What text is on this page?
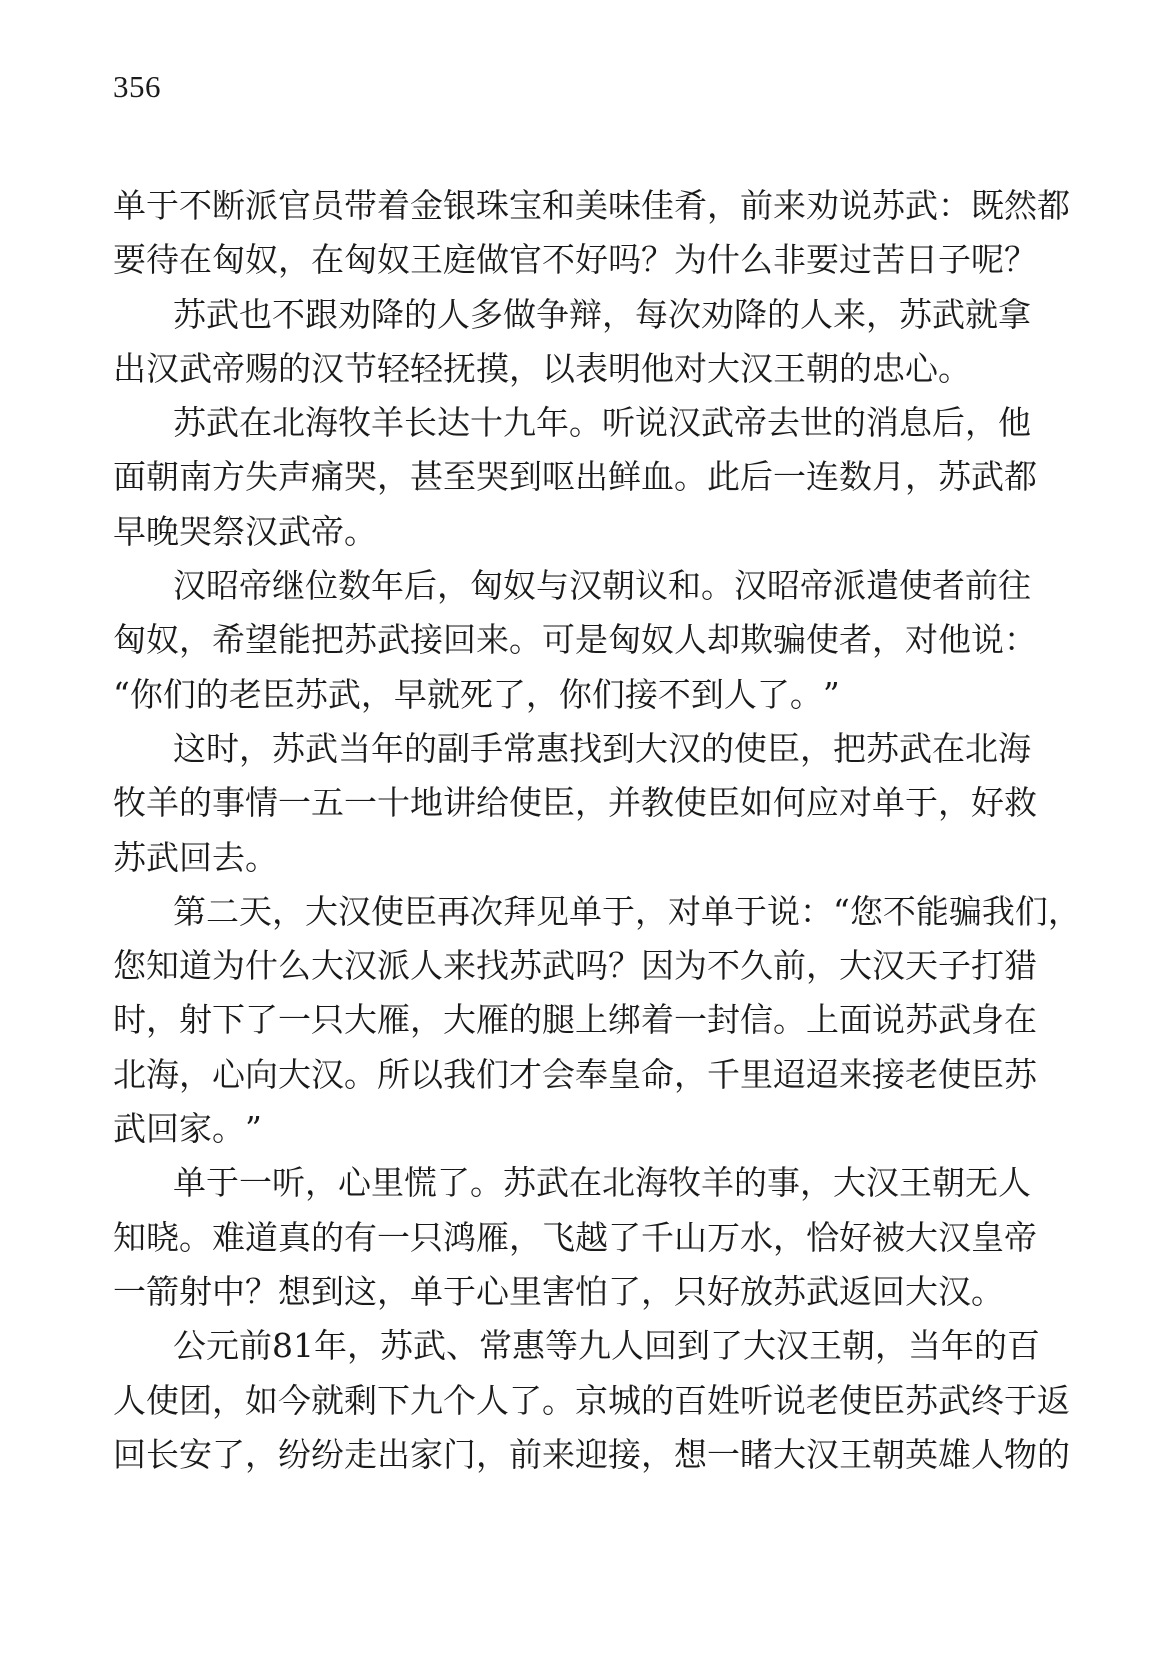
356
单 于 不 断 派 官 员 带 着 金 银 珠 宝 和 美 味 佳 肴 ， 前 来 劝 说 苏 武 ： 既 然 都
要 待 在 匈 奴 ， 在 匈 奴 王 庭 做 官 不 好 吗 ？ 为 什 么 非 要 过 苦 日 子 呢 ？
苏 武 也 不 跟 劝 降 的 人 多 做 争 辩 ， 每 次 劝 降 的 人 来 ， 苏 武 就 拿
出 汉 武 帝 赐 的 汉 节 轻 轻 抚 摸 ， 以 表 明 他 对 大 汉 王 朝 的 忠 心 。
苏 武 在 北 海 牧 羊 长 达 十 九 年 。 听 说 汉 武 帝 去 世 的 消 息 后 ， 他
面 朝 南 方 失 声 痛 哭 ， 甚 至 哭 到 呕 出 鲜 血 。 此 后 一 连 数 月 ， 苏 武 都
早 晚 哭 祭 汉 武 帝 。
汉 昭 帝 继 位 数 年 后 ， 匈 奴 与 汉 朝 议 和 。 汉 昭 帝 派 遣 使 者 前 往
匈 奴 ， 希 望 能 把 苏 武 接 回 来 。 可 是 匈 奴 人 却 欺 骗 使 者 ， 对 他 说 ：
“ 你 们 的 老 臣 苏 武 ， 早 就 死 了 ， 你 们 接 不 到 人 了 。 ”
这 时 ， 苏 武 当 年 的 副 手 常 惠 找 到 大 汉 的 使 臣 ， 把 苏 武 在 北 海
牧 羊 的 事 情 一 五 一 十 地 讲 给 使 臣 ， 并 教 使 臣 如 何 应 对 单 于 ， 好 救
苏 武 回 去 。
第 二 天 ， 大 汉 使 臣 再 次 拜 见 单 于 ， 对 单 于 说 ： “ 您 不 能 骗 我 们 ，
您 知 道 为 什 么 大 汉 派 人 来 找 苏 武 吗 ？ 因 为 不 久 前 ， 大 汉 天 子 打 猎
时 ， 射 下 了 一 只 大 雁 ， 大 雁 的 腿 上 绑 着 一 封 信 。 上 面 说 苏 武 身 在
北 海 ， 心 向 大 汉 。 所 以 我 们 才 会 奉 皇 命 ， 千 里 迢 迢 来 接 老 使 臣 苏
武 回 家 。 ”
单 于 一 听 ， 心 里 慌 了 。 苏 武 在 北 海 牧 羊 的 事 ， 大 汉 王 朝 无 人
知 晓 。 难 道 真 的 有 一 只 鸿 雁 ， 飞 越 了 千 山 万 水 ， 恰 好 被 大 汉 皇 帝
一 箭 射 中 ？ 想 到 这 ， 单 于 心 里 害 怕 了 ， 只 好 放 苏 武 返 回 大 汉 。
公 元 前 8 1 年 ， 苏 武 、 常 惠 等 九 人 回 到 了 大 汉 王 朝 ， 当 年 的 百
人 使 团 ， 如 今 就 剩 下 九 个 人 了 。 京 城 的 百 姓 听 说 老 使 臣 苏 武 终 于 返
回 长 安 了 ， 纷 纷 走 出 家 门 ， 前 来 迎 接 ， 想 一 睹 大 汉 王 朝 英 雄 人 物 的
